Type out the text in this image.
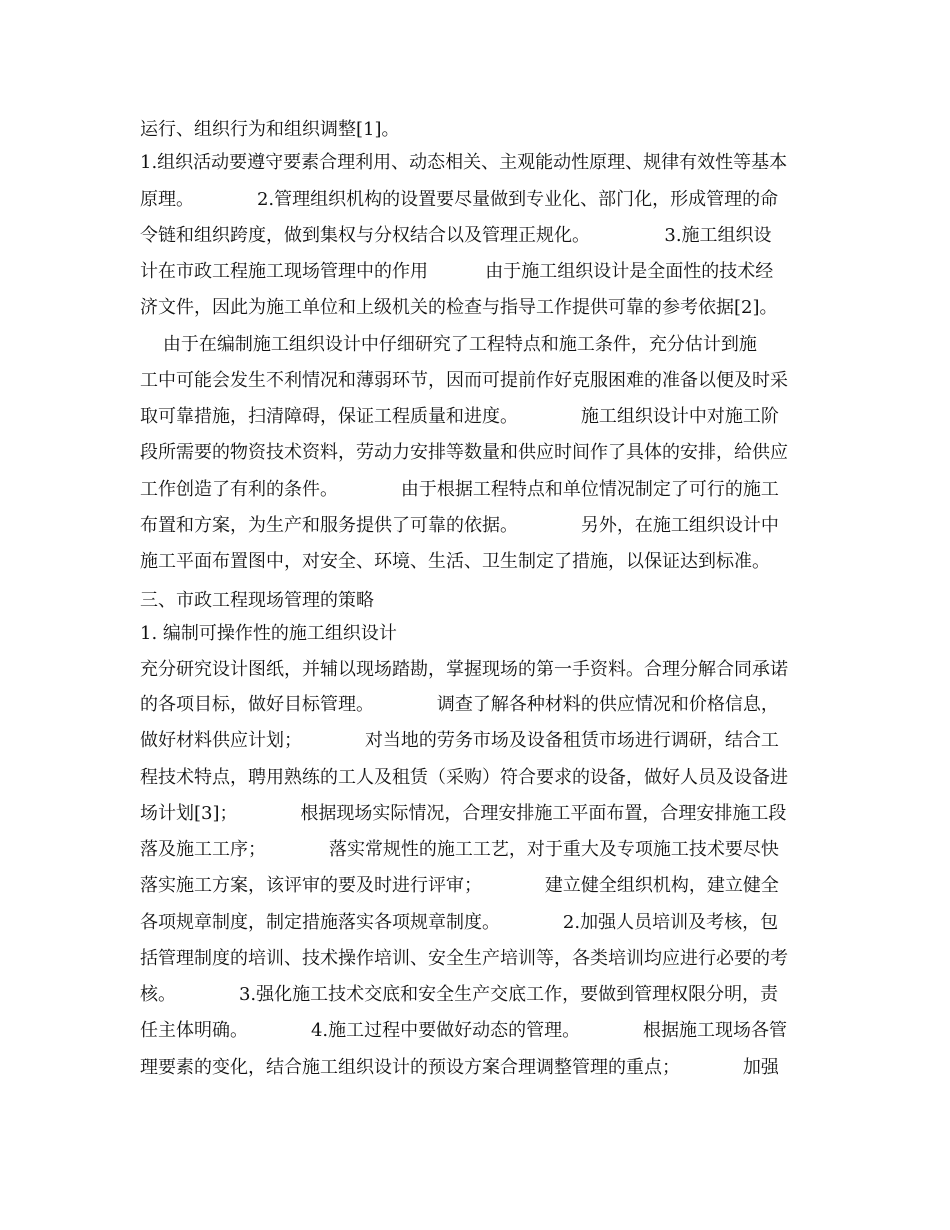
运行、组织行为和组织调整[1]。
1.组织活动要遵守要素合理利用、动态相关、主观能动性原理、规律有效性等基本
原理。           2.管理组织机构的设置要尽量做到专业化、部门化，形成管理的命
令链和组织跨度，做到集权与分权结合以及管理正规化。             3.施工组织设
计在市政工程施工现场管理中的作用          由于施工组织设计是全面性的技术经
济文件，因此为施工单位和上级机关的检查与指导工作提供可靠的参考依据[2]。
由于在编制施工组织设计中仔细研究了工程特点和施工条件，充分估计到施
工中可能会发生不利情况和薄弱环节，因而可提前作好克服困难的准备以便及时采
取可靠措施，扫清障碍，保证工程质量和进度。           施工组织设计中对施工阶
段所需要的物资技术资料，劳动力安排等数量和供应时间作了具体的安排，给供应
工作创造了有利的条件。           由于根据工程特点和单位情况制定了可行的施工
布置和方案，为生产和服务提供了可靠的依据。           另外，在施工组织设计中
施工平面布置图中，对安全、环境、生活、卫生制定了措施，以保证达到标准。
三、市政工程现场管理的策略
1. 编制可操作性的施工组织设计
充分研究设计图纸，并辅以现场踏勘，掌握现场的第一手资料。合理分解合同承诺
的各项目标，做好目标管理。           调查了解各种材料的供应情况和价格信息，
做好材料供应计划；           对当地的劳务市场及设备租赁市场进行调研，结合工
程技术特点，聘用熟练的工人及租赁（采购）符合要求的设备，做好人员及设备进
场计划[3]；           根据现场实际情况，合理安排施工平面布置，合理安排施工段
落及施工工序；           落实常规性的施工工艺，对于重大及专项施工技术要尽快
落实施工方案，该评审的要及时进行评审；           建立健全组织机构，建立健全
各项规章制度，制定措施落实各项规章制度。           2.加强人员培训及考核，包
括管理制度的培训、技术操作培训、安全生产培训等，各类培训均应进行必要的考
核。           3.强化施工技术交底和安全生产交底工作，要做到管理权限分明，责
任主体明确。           4.施工过程中要做好动态的管理。           根据施工现场各管
理要素的变化，结合施工组织设计的预设方案合理调整管理的重点；           加强
